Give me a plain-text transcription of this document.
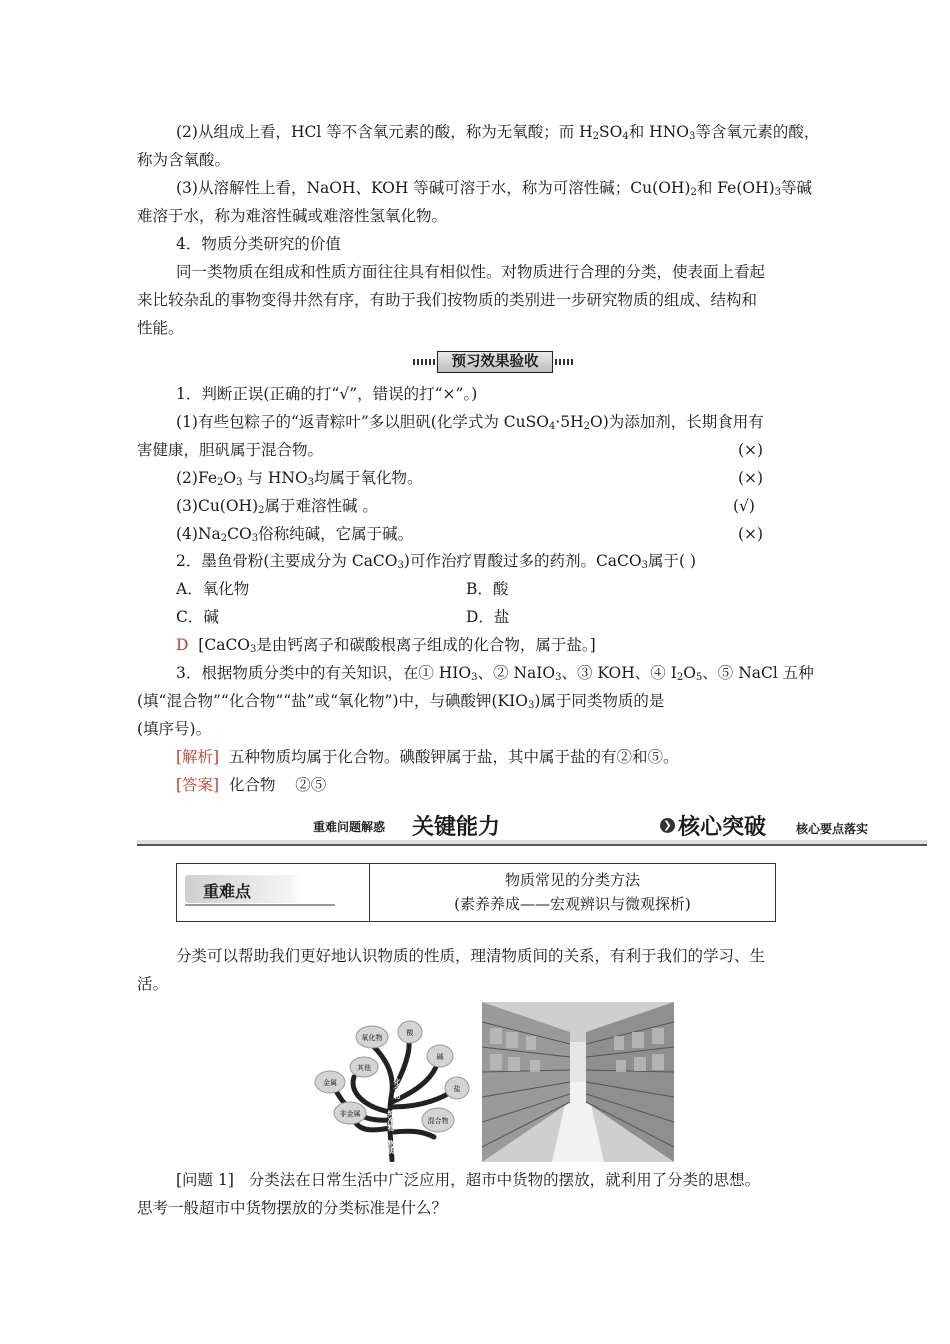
(2)从组成上看，HCl 等不含氧元素的酸，称为无氧酸；而 $H_2SO_4$和 $HNO_3$等含氧元素的酸，
称为含氧酸。
(3)从溶解性上看，NaOH、KOH 等碱可溶于水，称为可溶性碱；$Cu(OH)_2$和 $Fe(OH)_3$等碱
难溶于水，称为难溶性碱或难溶性氢氧化物。
4．物质分类研究的价值
同一类物质在组成和性质方面往往具有相似性。对物质进行合理的分类，使表面上看起
来比较杂乱的事物变得井然有序，有助于我们按物质的类别进一步研究物质的组成、结构和
性能。
预习效果验收
1．判断正误(正确的打“√”，错误的打“×”。)
(1)有些包粽子的“返青粽叶”多以胆矾(化学式为 $CuSO_4\cdot 5H_2O$)为添加剂，长期食用有
害健康，胆矾属于混合物。	(×)
$(2)Fe_2O_3$ 与 $HNO_3$均属于氧化物。	(×)
$(3)Cu(OH)_2$属于难溶性碱 。	(√)
$(4)Na_2CO_3$俗称纯碱，它属于碱。	(×)
2．墨鱼骨粉(主要成分为 CaCO$_3$)可作治疗胃酸过多的药剂。CaCO$_3$属于( )
A．氧化物	B．酸
C．碱	D．盐
D [CaCO$_3$是由钙离子和碳酸根离子组成的化合物，属于盐。]
3．根据物质分类中的有关知识，在① $HIO_3$、② NaIO$_3$、③ KOH、④ $I_2O_5$、⑤ NaCl 五种
(填“混合物”“化合物”“盐”或“氧化物”)中，与碘酸钾$(KIO_3)$属于同类物质的是
(填序号)。
[解析] 五种物质均属于化合物。碘酸钾属于盐，其中属于盐的有②和⑤。
[答案] 化合物 ②⑤
重难问题解惑 关键能力	❯ 核心突破 核心要点落实
重难点
物质常见的分类方法
(素养养成——宏观辨识与微观探析)
分类可以帮助我们更好地认识物质的性质，理清物质间的关系，有利于我们的学习、生
活。
氧化物
酸
碱
其他
盐
金属
非金属
混合物
化合物
纯净物
物质
[问题 1] 分类法在日常生活中广泛应用，超市中货物的摆放，就利用了分类的思想。
思考一般超市中货物摆放的分类标准是什么？
